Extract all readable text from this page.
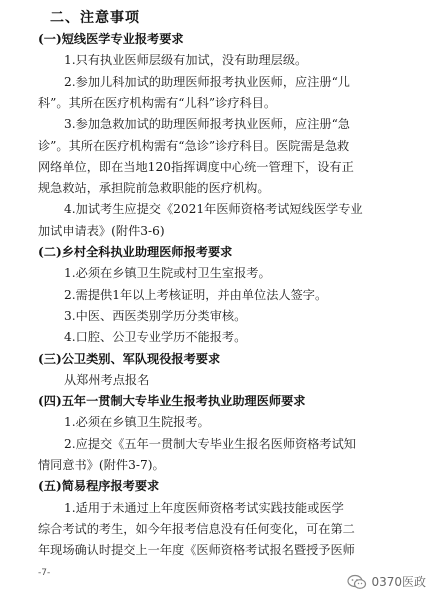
二、注意事项
(一)短线医学专业报考要求
1.只有执业医师层级有加试，没有助理层级。
2.参加儿科加试的助理医师报考执业医师，应注册“儿
科”。其所在医疗机构需有“儿科”诊疗科目。
3.参加急救加试的助理医师报考执业医师，应注册“急
诊”。其所在医疗机构需有“急诊”诊疗科目。医院需是急救
网络单位，即在当地120指挥调度中心统一管理下，设有正
规急救站，承担院前急救职能的医疗机构。
4.加试考生应提交《2021年医师资格考试短线医学专业
加试申请表》(附件3-6)
(二)乡村全科执业助理医师报考要求
1.必须在乡镇卫生院或村卫生室报考。
2.需提供1年以上考核证明，并由单位法人签字。
3.中医、西医类别学历分类审核。
4.口腔、公卫专业学历不能报考。
(三)公卫类别、军队现役报考要求
从郑州考点报名
(四)五年一贯制大专毕业生报考执业助理医师要求
1.必须在乡镇卫生院报考。
2.应提交《五年一贯制大专毕业生报名医师资格考试知
情同意书》(附件3-7)。
(五)简易程序报考要求
1.适用于未通过上年度医师资格考试实践技能或医学
综合考试的考生，如今年报考信息没有任何变化，可在第二
年现场确认时提交上一年度《医师资格考试报名暨授予医师
-7-
0370医政
